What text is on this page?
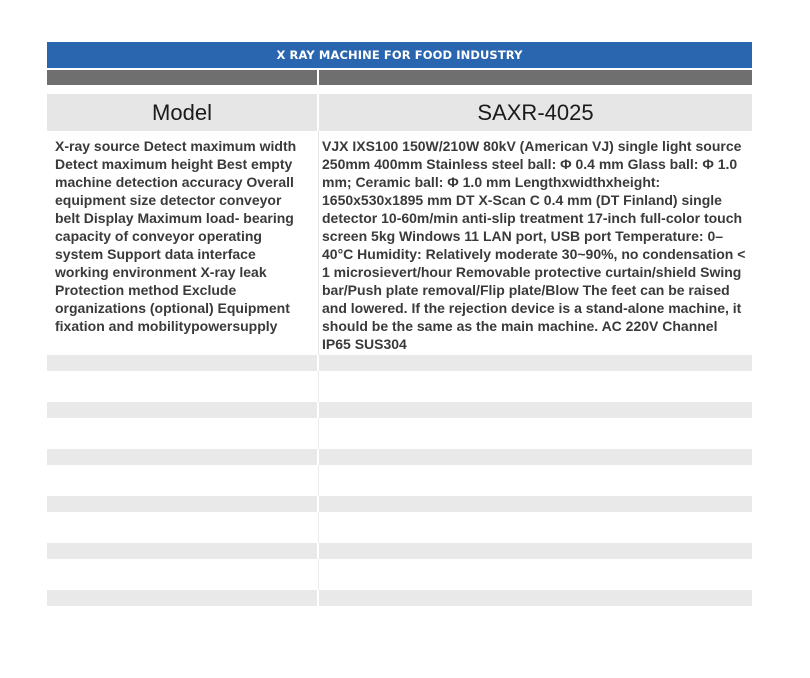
X RAY MACHINE FOR FOOD INDUSTRY
Model	SAXR-4025
X-ray source Detect maximum width Detect maximum height Best empty machine detection accuracy Overall equipment size detector conveyor belt Display Maximum load- bearing capacity of conveyor operating system Support data interface working environment X-ray leak Protection method Exclude organizations (optional) Equipment fixation and mobilitypowersupply
VJX IXS100 150W/210W 80kV (American VJ) single light source 250mm 400mm Stainless steel ball: Φ 0.4 mm Glass ball: Φ 1.0 mm; Ceramic ball: Φ 1.0 mm Lengthxwidthxheight: 1650x530x1895 mm DT X-Scan C 0.4 mm (DT Finland) single detector 10-60m/min anti-slip treatment 17-inch full-color touch screen 5kg Windows 11 LAN port, USB port Temperature: 0–40°C Humidity: Relatively moderate 30~90%, no condensation < 1 microsievert/hour Removable protective curtain/shield Swing bar/Push plate removal/Flip plate/Blow The feet can be raised and lowered. If the rejection device is a stand-alone machine, it should be the same as the main machine. AC 220V Channel IP65 SUS304
